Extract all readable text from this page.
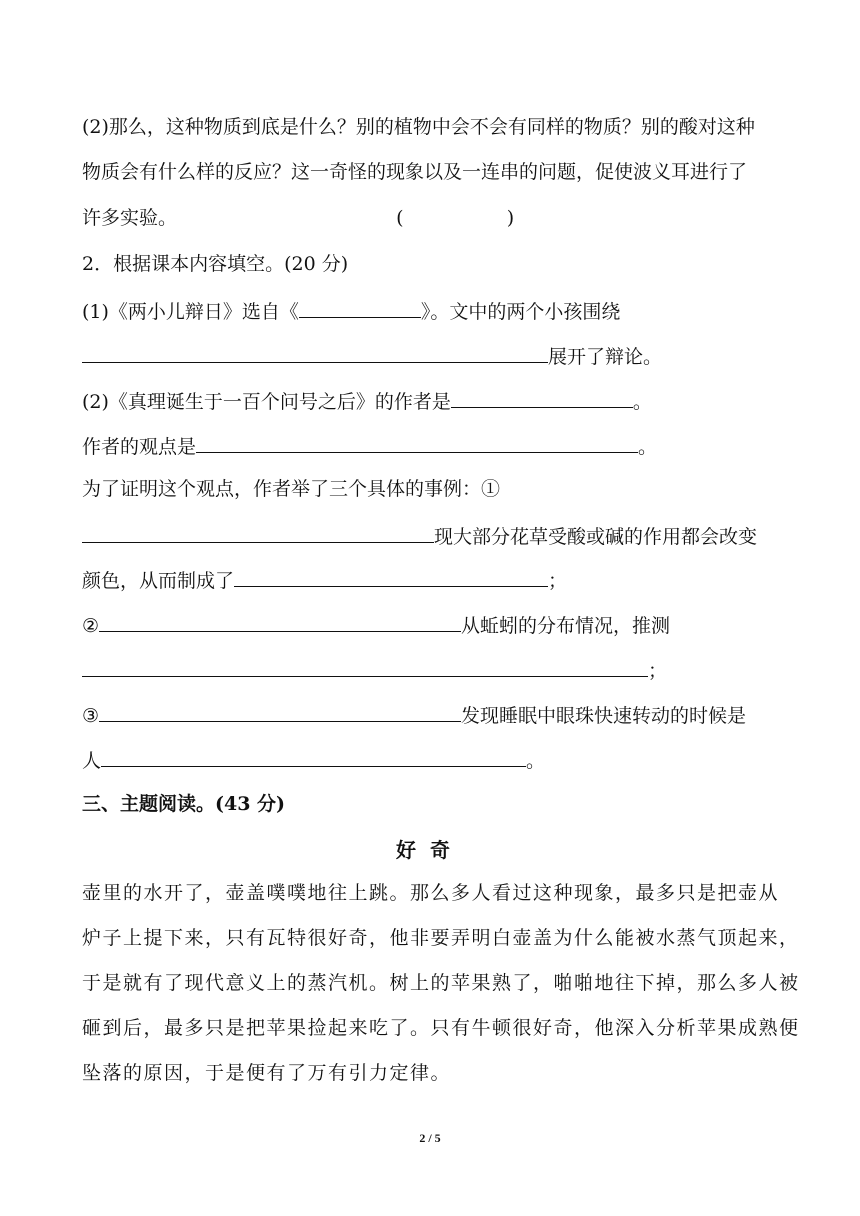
(2)那么，这种物质到底是什么？别的植物中会不会有同样的物质？别的酸对这种
物质会有什么样的反应？这一奇怪的现象以及一连串的问题，促使波义耳进行了
许多实验。	(	)
2．根据课本内容填空。(20 分)
(1)《两小儿辩日》选自《	》。文中的两个小孩围绕
展开了辩论。
(2)《真理诞生于一百个问号之后》的作者是	。
作者的观点是	。
为了证明这个观点，作者举了三个具体的事例：①
现大部分花草受酸或碱的作用都会改变
颜色，从而制成了	；
②	从蚯蚓的分布情况，推测
；
③	发现睡眠中眼珠快速转动的时候是
人	。
三、主题阅读。(43 分)
好奇
壶里的水开了，壶盖噗噗地往上跳。那么多人看过这种现象，最多只是把壶从
炉子上提下来，只有瓦特很好奇，他非要弄明白壶盖为什么能被水蒸气顶起来，
于是就有了现代意义上的蒸汽机。树上的苹果熟了，啪啪地往下掉，那么多人被
砸到后，最多只是把苹果捡起来吃了。只有牛顿很好奇，他深入分析苹果成熟便
坠落的原因，于是便有了万有引力定律。
2 / 5
